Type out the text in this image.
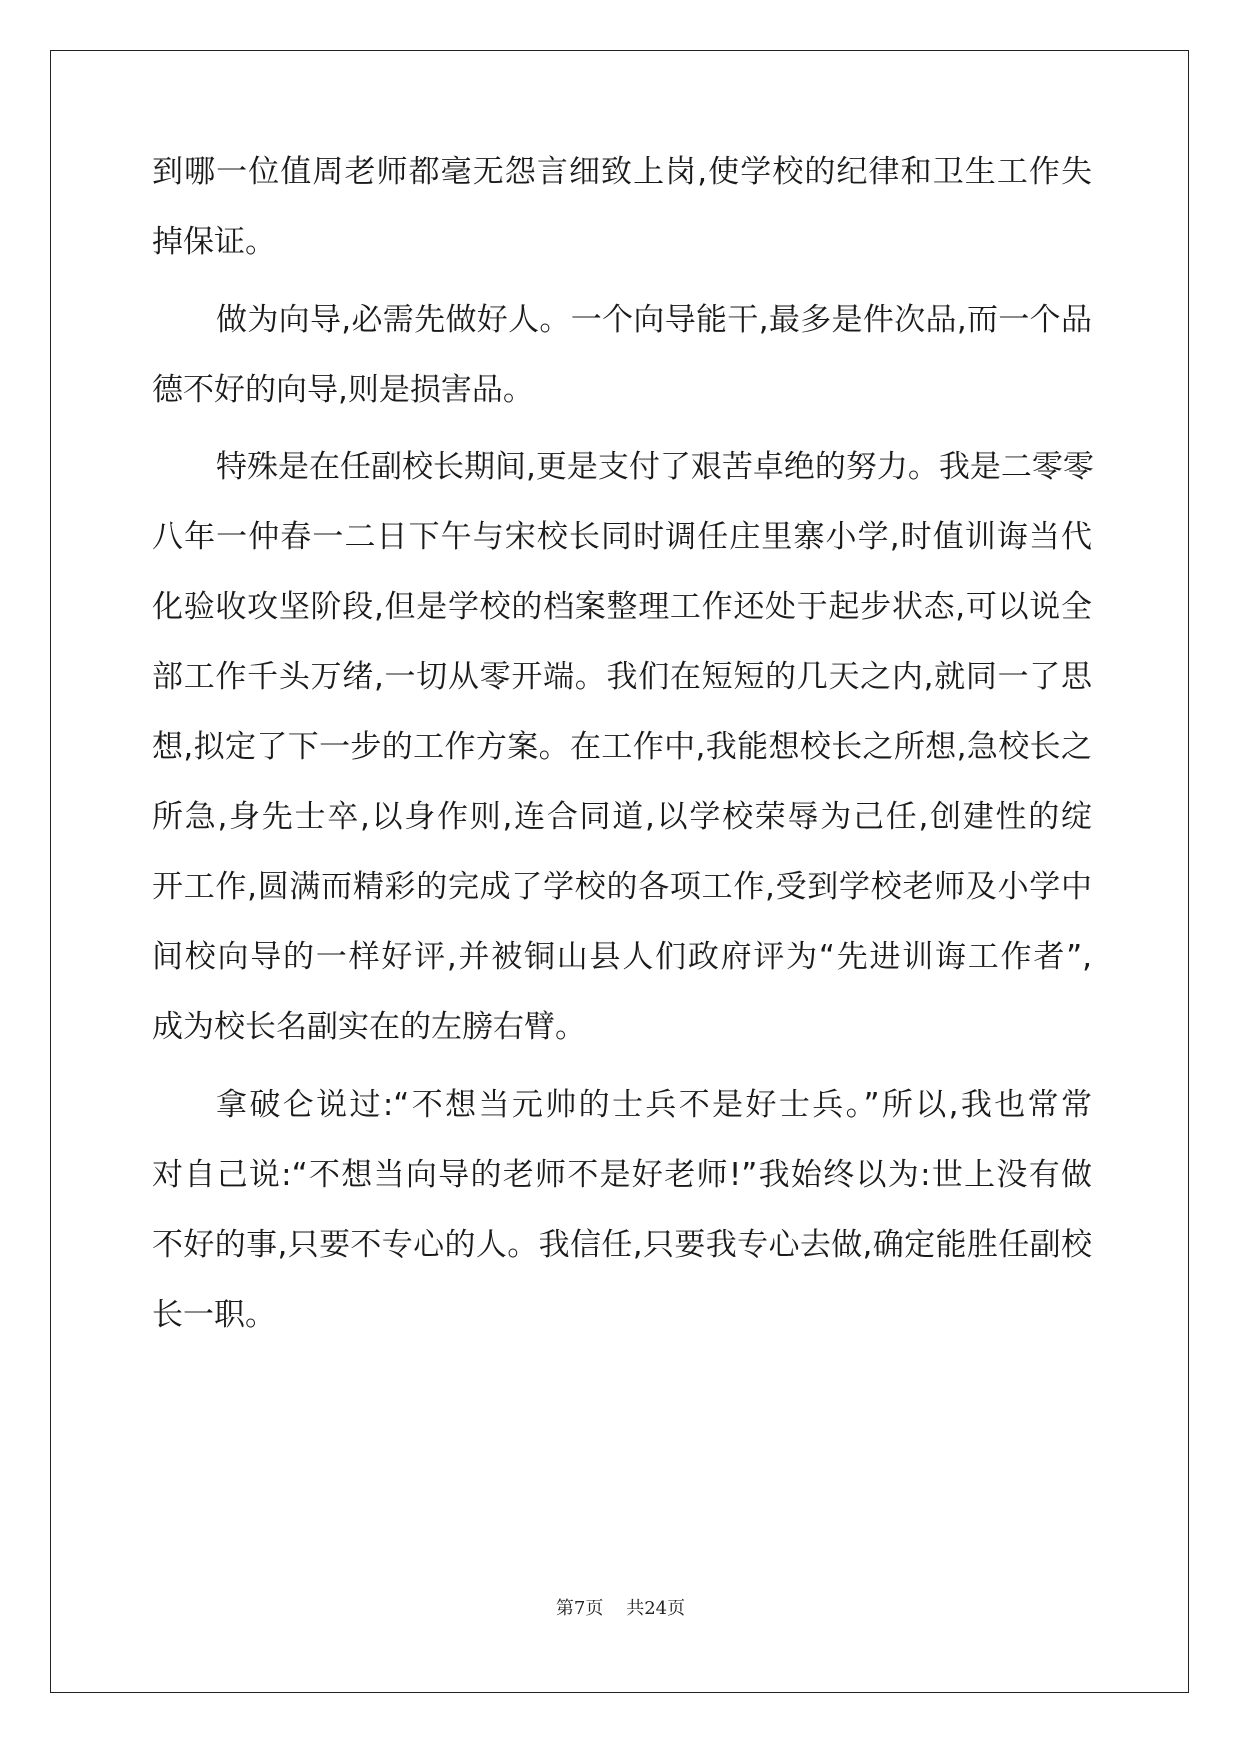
到哪一位值周老师都毫无怨言细致上岗,使学校的纪律和卫生工作失
掉保证。
做为向导,必需先做好人。一个向导能干,最多是件次品,而一个品
德不好的向导,则是损害品。
特殊是在任副校长期间,更是支付了艰苦卓绝的努力。我是二零零
八年一仲春一二日下午与宋校长同时调任庄里寨小学,时值训诲当代
化验收攻坚阶段,但是学校的档案整理工作还处于起步状态,可以说全
部工作千头万绪,一切从零开端。我们在短短的几天之内,就同一了思
想,拟定了下一步的工作方案。在工作中,我能想校长之所想,急校长之
所急,身先士卒,以身作则,连合同道,以学校荣辱为己任,创建性的绽
开工作,圆满而精彩的完成了学校的各项工作,受到学校老师及小学中
间校向导的一样好评,并被铜山县人们政府评为“先进训诲工作者”,
成为校长名副实在的左膀右臂。
拿破仑说过:“不想当元帅的士兵不是好士兵。”所以,我也常常
对自己说:“不想当向导的老师不是好老师!”我始终以为:世上没有做
不好的事,只要不专心的人。我信任,只要我专心去做,确定能胜任副校
长一职。
第7页 共24页
